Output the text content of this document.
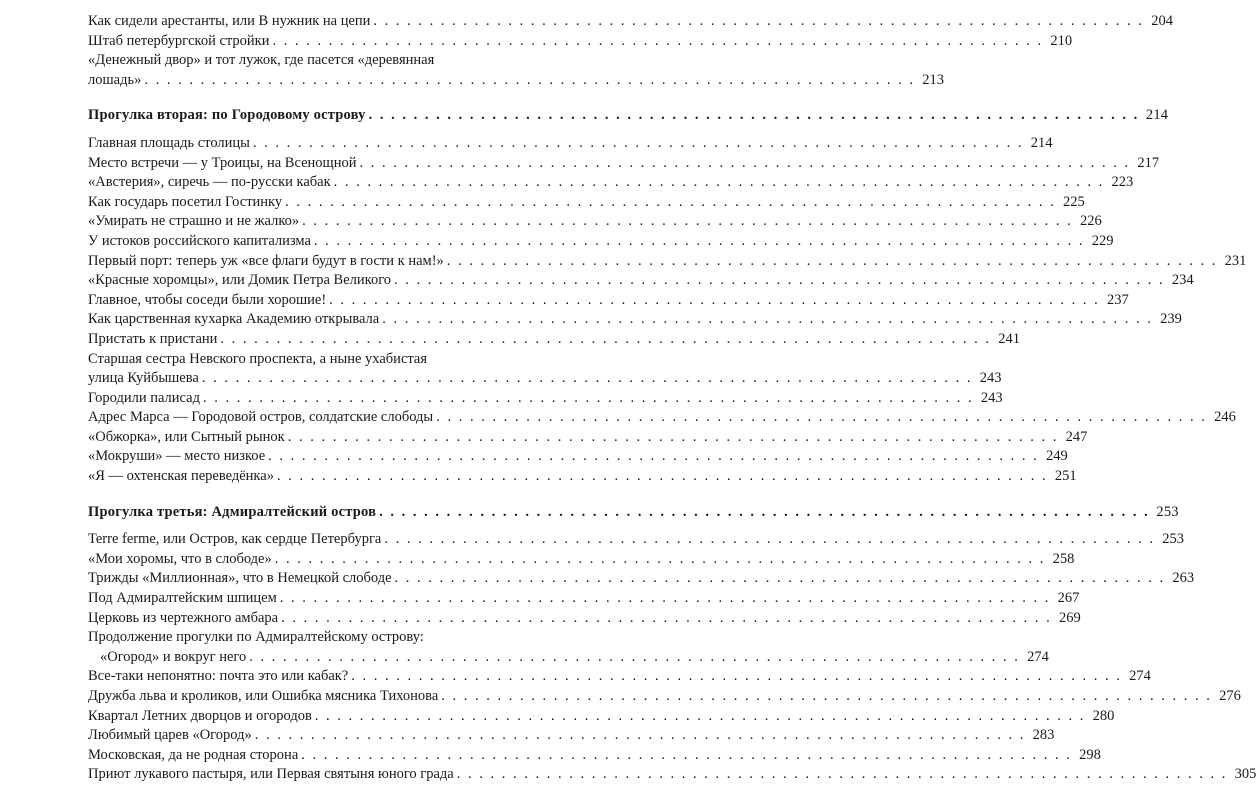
Как сидели арестанты, или В нужник на цепи . . .	204
Штаб петербургской стройки . . .	210
«Денежный двор» и тот лужок, где пасется «деревянная
лошадь» . . .	213
Прогулка вторая: по Городовому острову . . .	214
Главная площадь столицы . . .	214
Место встречи — у Троицы, на Всенощной . . .	217
«Австерия», сиречь — по-русски кабак . . .	223
Как государь посетил Гостинку . . .	225
«Умирать не страшно и не жалко» . . .	226
У истоков российского капитализма . . .	229
Первый порт: теперь уж «все флаги будут в гости к нам!» . . .	231
«Красные хоромцы», или Домик Петра Великого . . .	234
Главное, чтобы соседи были хорошие! . . .	237
Как царственная кухарка Академию открывала . . .	239
Пристать к пристани . . .	241
Старшая сестра Невского проспекта, а ныне ухабистая
улица Куйбышева . . .	243
Городили палисад . . .	243
Адрес Марса — Городовой остров, солдатские слободы . . .	246
«Обжорка», или Сытный рынок . . .	247
«Мокруши» — место низкое . . .	249
«Я — охтенская переведёнка» . . .	251
Прогулка третья: Адмиралтейский остров . . .	253
Terre ferme, или Остров, как сердце Петербурга . . .	253
«Мои хоромы, что в слободе» . . .	258
Трижды «Миллионная», что в Немецкой слободе . . .	263
Под Адмиралтейским шпицем . . .	267
Церковь из чертежного амбара . . .	269
Продолжение прогулки по Адмиралтейскому острову:
«Огород» и вокруг него . . .	274
Все-таки непонятно: почта это или кабак? . . .	274
Дружба льва и кроликов, или Ошибка мясника Тихонова . . .	276
Квартал Летних дворцов и огородов . . .	280
Любимый царев «Огород» . . .	283
Московская, да не родная сторона . . .	298
Приют лукавого пастыря, или Первая святыня юного града . . .	305
